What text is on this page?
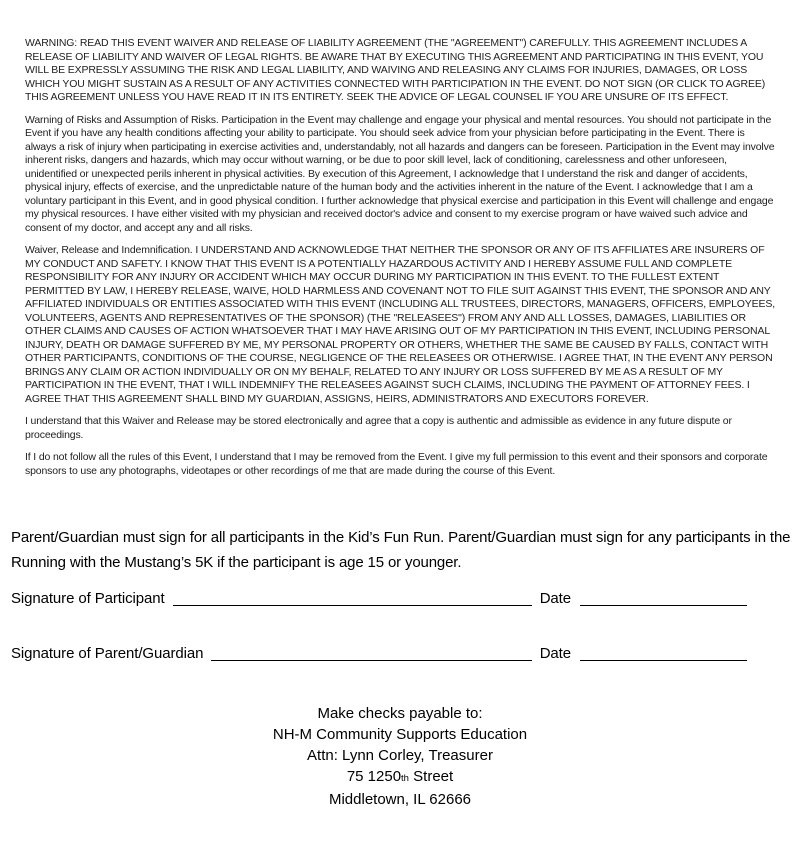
WARNING: READ THIS EVENT WAIVER AND RELEASE OF LIABILITY AGREEMENT (THE "AGREEMENT") CAREFULLY. THIS AGREEMENT INCLUDES A RELEASE OF LIABILITY AND WAIVER OF LEGAL RIGHTS. BE AWARE THAT BY EXECUTING THIS AGREEMENT AND PARTICIPATING IN THIS EVENT, YOU WILL BE EXPRESSLY ASSUMING THE RISK AND LEGAL LIABILITY, AND WAIVING AND RELEASING ANY CLAIMS FOR INJURIES, DAMAGES, OR LOSS WHICH YOU MIGHT SUSTAIN AS A RESULT OF ANY ACTIVITIES CONNECTED WITH PARTICIPATION IN THE EVENT. DO NOT SIGN (OR CLICK TO AGREE) THIS AGREEMENT UNLESS YOU HAVE READ IT IN ITS ENTIRETY. SEEK THE ADVICE OF LEGAL COUNSEL IF YOU ARE UNSURE OF ITS EFFECT.

Warning of Risks and Assumption of Risks. Participation in the Event may challenge and engage your physical and mental resources. You should not participate in the Event if you have any health conditions affecting your ability to participate. You should seek advice from your physician before participating in the Event. There is always a risk of injury when participating in exercise activities and, understandably, not all hazards and dangers can be foreseen. Participation in the Event may involve inherent risks, dangers and hazards, which may occur without warning, or be due to poor skill level, lack of conditioning, carelessness and other unforeseen, unidentified or unexpected perils inherent in physical activities. By execution of this Agreement, I acknowledge that I understand the risk and danger of accidents, physical injury, effects of exercise, and the unpredictable nature of the human body and the activities inherent in the nature of the Event. I acknowledge that I am a voluntary participant in this Event, and in good physical condition. I further acknowledge that physical exercise and participation in this Event will challenge and engage my physical resources. I have either visited with my physician and received doctor's advice and consent to my exercise program or have waived such advice and consent of my doctor, and accept any and all risks.

Waiver, Release and Indemnification. I UNDERSTAND AND ACKNOWLEDGE THAT NEITHER THE SPONSOR OR ANY OF ITS AFFILIATES ARE INSURERS OF MY CONDUCT AND SAFETY. I KNOW THAT THIS EVENT IS A POTENTIALLY HAZARDOUS ACTIVITY AND I HEREBY ASSUME FULL AND COMPLETE RESPONSIBILITY FOR ANY INJURY OR ACCIDENT WHICH MAY OCCUR DURING MY PARTICIPATION IN THIS EVENT. TO THE FULLEST EXTENT PERMITTED BY LAW, I HEREBY RELEASE, WAIVE, HOLD HARMLESS AND COVENANT NOT TO FILE SUIT AGAINST THIS EVENT, THE SPONSOR AND ANY AFFILIATED INDIVIDUALS OR ENTITIES ASSOCIATED WITH THIS EVENT (INCLUDING ALL TRUSTEES, DIRECTORS, MANAGERS, OFFICERS, EMPLOYEES, VOLUNTEERS, AGENTS AND REPRESENTATIVES OF THE SPONSOR) (THE "RELEASEES") FROM ANY AND ALL LOSSES, DAMAGES, LIABILITIES OR OTHER CLAIMS AND CAUSES OF ACTION WHATSOEVER THAT I MAY HAVE ARISING OUT OF MY PARTICIPATION IN THIS EVENT, INCLUDING PERSONAL INJURY, DEATH OR DAMAGE SUFFERED BY ME, MY PERSONAL PROPERTY OR OTHERS, WHETHER THE SAME BE CAUSED BY FALLS, CONTACT WITH OTHER PARTICIPANTS, CONDITIONS OF THE COURSE, NEGLIGENCE OF THE RELEASEES OR OTHERWISE. I AGREE THAT, IN THE EVENT ANY PERSON BRINGS ANY CLAIM OR ACTION INDIVIDUALLY OR ON MY BEHALF, RELATED TO ANY INJURY OR LOSS SUFFERED BY ME AS A RESULT OF MY PARTICIPATION IN THE EVENT, THAT I WILL INDEMNIFY THE RELEASEES AGAINST SUCH CLAIMS, INCLUDING THE PAYMENT OF ATTORNEY FEES. I AGREE THAT THIS AGREEMENT SHALL BIND MY GUARDIAN, ASSIGNS, HEIRS, ADMINISTRATORS AND EXECUTORS FOREVER.

I understand that this Waiver and Release may be stored electronically and agree that a copy is authentic and admissible as evidence in any future dispute or proceedings.

If I do not follow all the rules of this Event, I understand that I may be removed from the Event. I give my full permission to this event and their sponsors and corporate sponsors to use any photographs, videotapes or other recordings of me that are made during the course of this Event.

Parent/Guardian must sign for all participants in the Kid’s Fun Run. Parent/Guardian must sign for any participants in the
Running with the Mustang’s 5K if the participant is age 15 or younger.

Signature of Participant	Date
Signature of Parent/Guardian	Date
Make checks payable to:
NH-M Community Supports Education
Attn: Lynn Corley, Treasurer
75 1250th Street
Middletown, IL 62666
